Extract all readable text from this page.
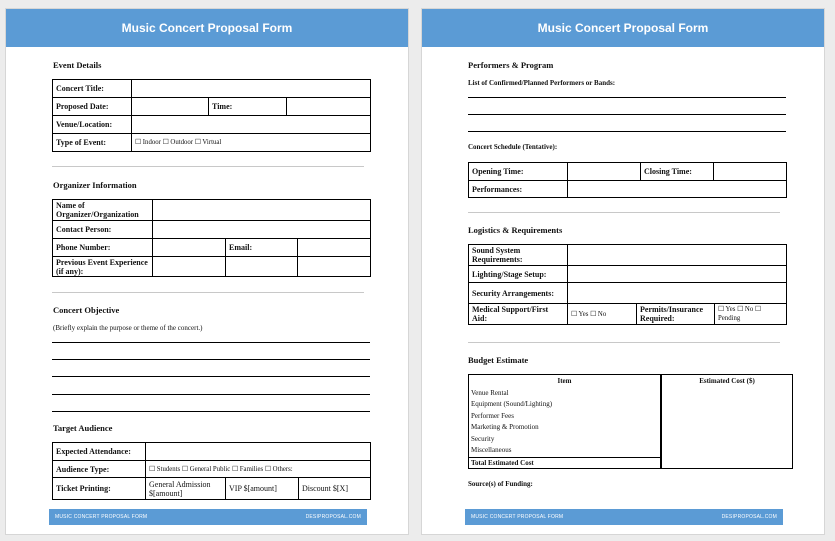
Music Concert Proposal Form
Event Details
Concert Title:			
Proposed Date:		Time:	
Venue/Location:			
Type of Event:	☐ Indoor ☐ Outdoor ☐ Virtual		
Organizer Information
Name of Organizer/Organization			
Contact Person:			
Phone Number:		Email:	
Previous Event Experience (if any):			
Concert Objective
(Briefly explain the purpose or theme of the concert.)
Target Audience
Expected Attendance:			
Audience Type:	☐ Students ☐ General Public ☐ Families ☐ Others:		
Ticket Printing:	General Admission $[amount]	VIP $[amount]	Discount $[X]
MUSIC CONCERT PROPOSAL FORM	DESIPROPOSAL.COM
Music Concert Proposal Form
Performers & Program
List of Confirmed/Planned Performers or Bands:
Concert Schedule (Tentative):
Opening Time:		Closing Time:	
Performances:			
Logistics & Requirements
Sound System Requirements:			
Lighting/Stage Setup:			
Security Arrangements:			
Medical Support/First Aid:	☐ Yes ☐ No	Permits/Insurance Required:	☐ Yes ☐ No ☐ Pending
Budget Estimate
Item	Estimated Cost ($)
Venue Rental
Equipment (Sound/Lighting)
Performer Fees
Marketing & Promotion
Security
Miscellaneous
Total Estimated Cost
Source(s) of Funding:
MUSIC CONCERT PROPOSAL FORM	DESIPROPOSAL.COM
